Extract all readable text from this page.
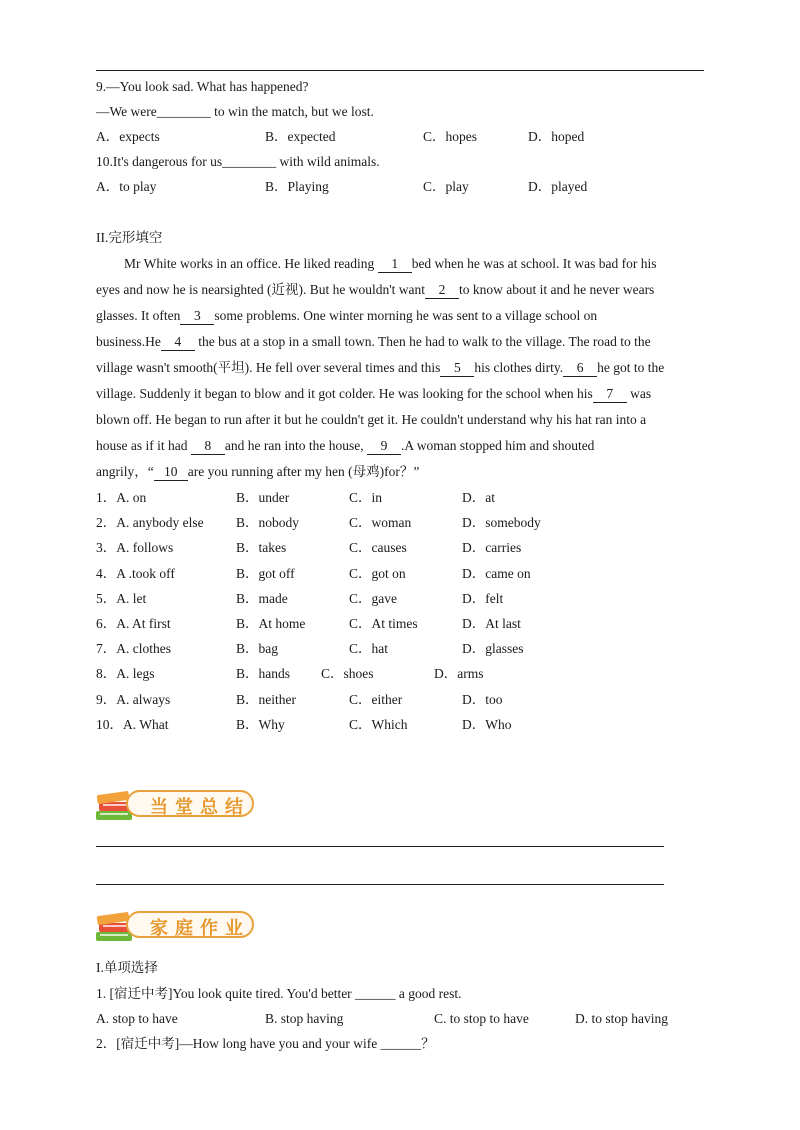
9.—You look sad. What has happened?
—We were________ to win the match, but we lost.
A．expects	B．expected	C．hopes	D．hoped
10.It's dangerous for us________ with wild animals.
A．to play	B．Playing	C．play	D．played
II.完形填空
Mr White works in an office. He liked reading 1 bed when he was at school. It was bad for his
eyes and now he is nearsighted (近视). But he wouldn't want 2 to know about it and he never wears
glasses. It often 3 some problems. One winter morning he was sent to a village school on
business.He 4 the bus at a stop in a small town. Then he had to walk to the village. The road to the
village wasn't smooth(平坦). He fell over several times and this 5 his clothes dirty. 6 he got to the
village. Suddenly it began to blow and it got colder. He was looking for the school when his 7 was
blown off. He began to run after it but he couldn't get it. He couldn't understand why his hat ran into a
house as if it had 8 and he ran into the house, 9 .A woman stopped him and shouted
angrily，“ 10 are you running after my hen (母鸡)for？”
1．A. on	B．under	C．in	D．at
2．A. anybody else B．nobody	C．woman	D．somebody
3．A. follows	B．takes	C．causes	D．carries
4．A .took off	B．got off	C．got on	D．came on
5．A. let	B．made	C．gave	D．felt
6．A. At first	B．At home	C．At times	D．At last
7．A. clothes	B．bag	C．hat	D．glasses
8．A. legs	B．hands C．shoes	D．arms
9．A. always	B．neither	C．either	D．too
10．A. What	B．Why	C．Which	D．Who
当堂总结
家庭作业
I.单项选择
1. [宿迁中考]You look quite tired. You'd better ______ a good rest.
A. stop to have	B. stop having	C. to stop to have	D. to stop having
2．[宿迁中考]—How long have you and your wife ______？
